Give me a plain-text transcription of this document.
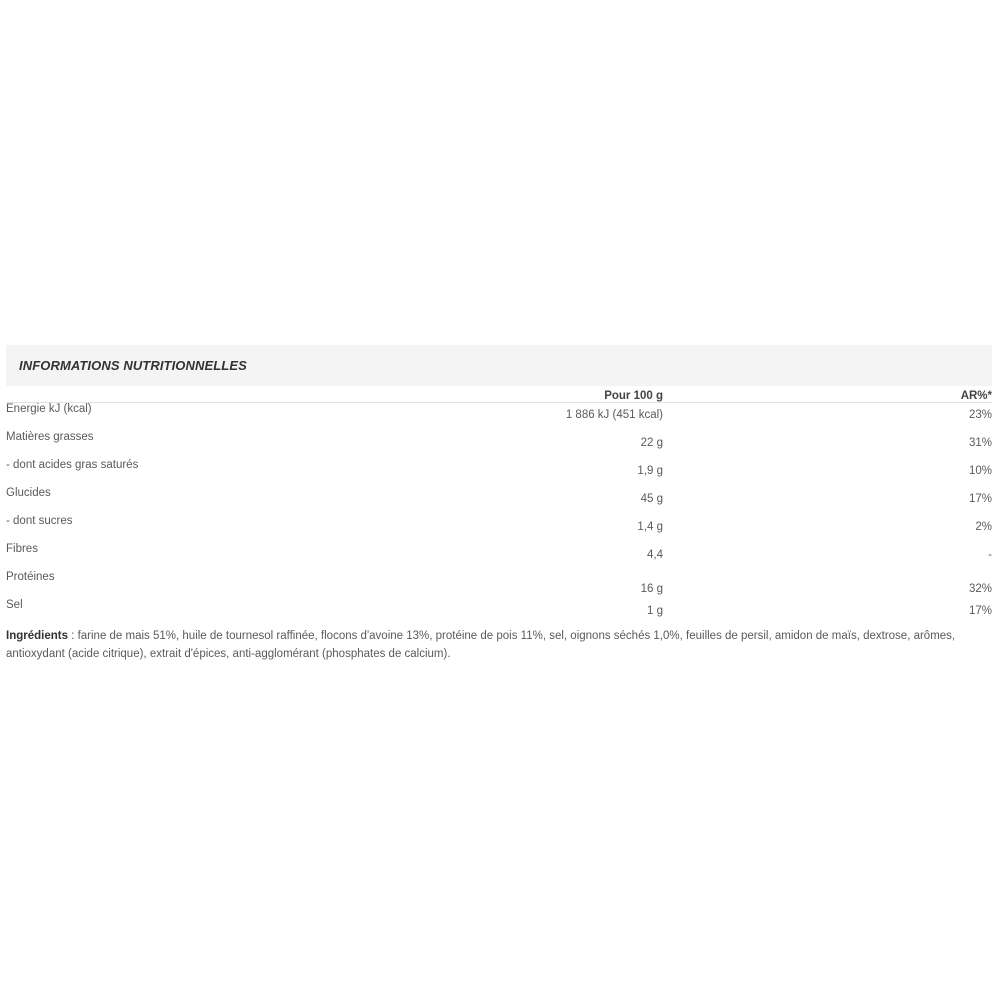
INFORMATIONS NUTRITIONNELLES
	Pour 100 g	AR%*

Energie kJ (kcal)	1 886 kJ (451 kcal)	23%

Matières grasses	22 g	31%

- dont acides gras saturés	1,9 g	10%

Glucides	45 g	17%

- dont sucres	1,4 g	2%

Fibres	4,4	-

Protéines	16 g	32%

Sel	1 g	17%
Ingrédients : farine de mais 51%, huile de tournesol raffinée, flocons d'avoine 13%, protéine de pois 11%, sel, oignons séchés 1,0%, feuilles de persil, amidon de maïs, dextrose, arômes, antioxydant (acide citrique), extrait d'épices, anti-agglomérant (phosphates de calcium).
